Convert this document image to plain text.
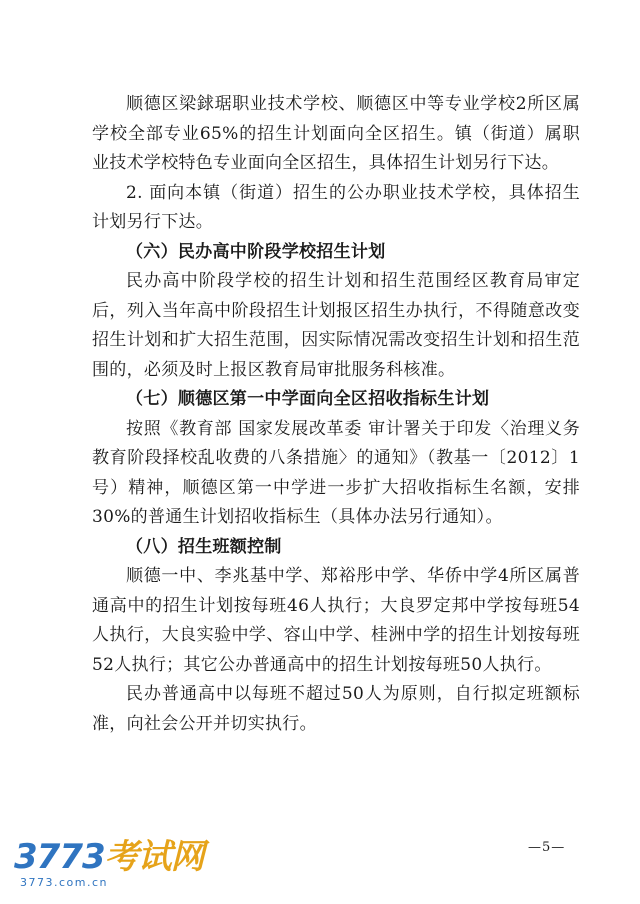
顺德区梁銶琚职业技术学校、顺德区中等专业学校2所区属学校全部专业65%的招生计划面向全区招生。镇（街道）属职业技术学校特色专业面向全区招生，具体招生计划另行下达。

2. 面向本镇（街道）招生的公办职业技术学校，具体招生计划另行下达。

（六）民办高中阶段学校招生计划

民办高中阶段学校的招生计划和招生范围经区教育局审定后，列入当年高中阶段招生计划报区招生办执行，不得随意改变招生计划和扩大招生范围，因实际情况需改变招生计划和招生范围的，必须及时上报区教育局审批服务科核准。

（七）顺德区第一中学面向全区招收指标生计划

按照《教育部 国家发展改革委 审计署关于印发〈治理义务教育阶段择校乱收费的八条措施〉的通知》（教基一〔2012〕1号）精神，顺德区第一中学进一步扩大招收指标生名额，安排30%的普通生计划招收指标生（具体办法另行通知）。

（八）招生班额控制

顺德一中、李兆基中学、郑裕彤中学、华侨中学4所区属普通高中的招生计划按每班46人执行；大良罗定邦中学按每班54人执行，大良实验中学、容山中学、桂洲中学的招生计划按每班52人执行；其它公办普通高中的招生计划按每班50人执行。

民办普通高中以每班不超过50人为原则，自行拟定班额标准，向社会公开并切实执行。

—5—
3773考试网
3773.com.cn
